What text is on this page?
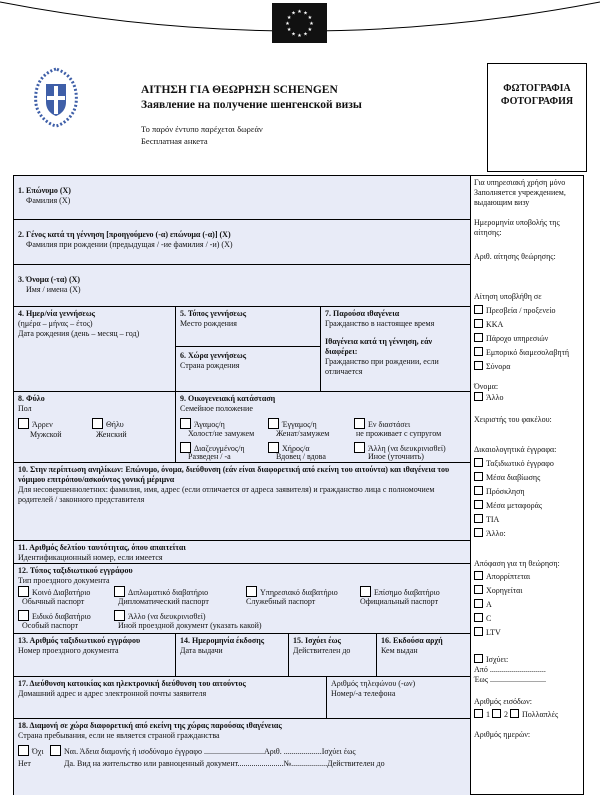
★ ★
★
★
★
★
★
★
★
★
★
★
ΑΙΤΗΣΗ ΓΙΑ ΘΕΩΡΗΣΗ SCHENGEN
Заявление на получение шенгенской визы
Το παρόν έντυπο παρέχεται δωρεάν
Бесплатная анкета
ΦΩΤΟΓΡΑΦΙΑ
ФОТОГРАФИЯ
1. Επώνυμο (Χ)
Фамилия (X)
2. Γένος κατά τη γέννηση [προηγούμενο (-α) επώνυμα (-α)] (Χ)
Фамилия при рождении (предыдущая / -ие фамилия / -и) (X)
3. Όνομα (-τα) (Χ)
Имя / имена (X)
4. Ημερ/νία γεννήσεως
(ημέρα – μήνας – έτος)
Дата рождения (день – месяц – год)
5. Τόπος γεννήσεως
Место рождения
6. Χώρα γεννήσεως
Страна рождения
7. Παρούσα ιθαγένεια
Гражданство в настоящее время
Ιθαγένεια κατά τη γέννηση, εάν διαφέρει:
Гражданство при рождении, если отличается
8. Φύλο
Пол
Άρρεν
Мужской
Θήλυ
Женский
9. Οικογενειακή κατάσταση
Семейное положение
Άγαμος/η
Холост/не замужем
Έγγαμος/η
Женат/замужем
Εν διαστάσει
не проживает с супругом
Διαζευγμένος/η
Разведен / -а
Χήρος/α
Вдовец / вдова
Άλλη (να διευκρινισθεί)
Иное (уточнить)
10. Στην περίπτωση ανηλίκων: Επώνυμο, όνομα, διεύθυνση (εάν είναι διαφορετική από εκείνη του αιτούντα) και ιθαγένεια του νόμιμου επιτρόπου/ασκούντος γονική μέριμνα
Для несовершеннолетних: фамилия, имя, адрес (если отличается от адреса заявителя) и гражданство лица с полномочием родителей / законного представителя
11. Αριθμός δελτίου ταυτότητας, όπου απαιτείται
Идентификационный номер, если имеется
12. Τύπος ταξιδιωτικού εγγράφου
Тип проездного документа
Κοινό Διαβατήριο
Обычный паспорт
Διπλωματικό διαβατήριο
Дипломатический паспорт
Υπηρεσιακό διαβατήριο
Служебный паспорт
Επίσημο διαβατήριο
Официальный паспорт
Ειδικό διαβατήριο
Особый паспорт
Άλλο (να διευκρινισθεί)
Иной проездной документ (указать какой)
13. Αριθμός ταξιδιωτικού εγγράφου
Номер проездного документа
14. Ημερομηνία έκδοσης
Дата выдачи
15. Ισχύει έως
Действителен до
16. Εκδούσα αρχή
Кем выдан
17. Διεύθυνση κατοικίας και ηλεκτρονική διεύθυνση του αιτούντος
Домашний адрес и адрес электронной почты заявителя
Αριθμός τηλεφώνου (-ων)
Номер/-а телефона
18. Διαμονή σε χώρα διαφορετική από εκείνη της χώρας παρούσας ιθαγένειας
Страна пребывания, если не является страной гражданства
Όχι	Ναι. Άδεια διαμονής ή ισοδύναμο έγγραφο ..............................Αριθ. ...................Ισχύει έως
Нет	Да. Вид на жительство или равноценный документ.......................№..................Действителен до

Για υπηρεσιακή χρήση μόνο

Заполняется учреждением, выдающим визу

Ημερομηνία υποβολής της αίτησης:

Αριθ. αίτησης θεώρησης:

Αίτηση υποβλήθη σε

Πρεσβεία / προξενείο

ΚΚΑ

Πάροχο υπηρεσιών

Εμπορικό διαμεσολαβητή

Σύνορα

Όνομα:

Άλλο

Χειριστής του φακέλου:

Δικαιολογητικά έγγραφα:

Ταξιδιωτικό έγγραφο

Μέσα διαβίωσης

Πρόσκληση

Μέσα μεταφοράς

ΤΙΑ

Άλλο:

Απόφαση για τη θεώρηση:

Απορρίπτεται

Χορηγείται

A

C

LTV

Ισχύει:

Από ............................

Έως ............................

Αριθμός εισόδων:

1 2 Πολλαπλές

Αριθμός ημερών:
